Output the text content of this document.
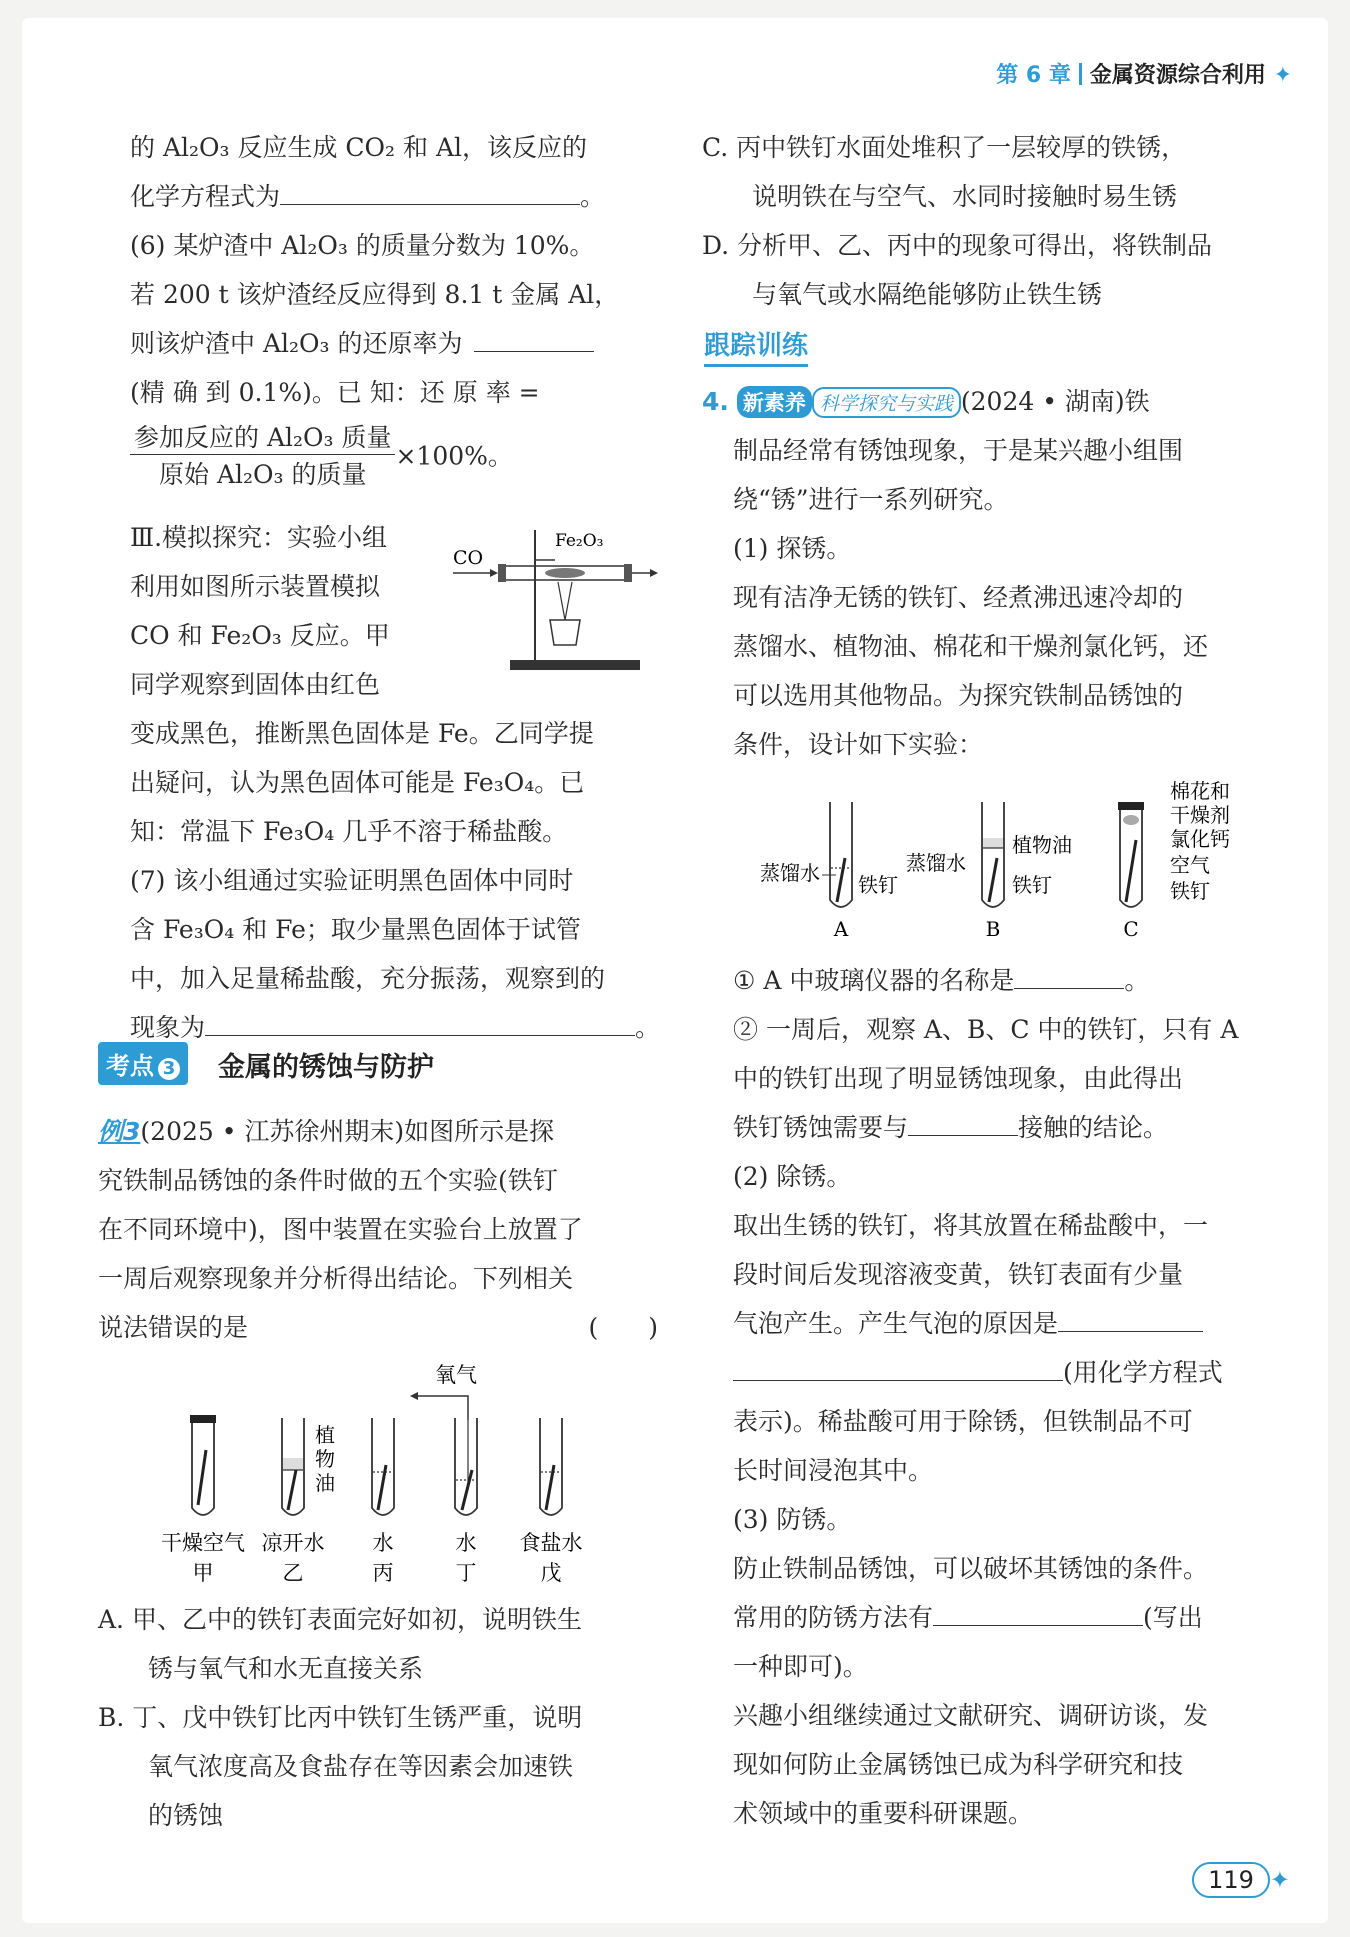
第 6 章 金属资源综合利用 ✦
的 Al₂O₃ 反应生成 CO₂ 和 Al，该反应的
化学方程式为	。
(6) 某炉渣中 Al₂O₃ 的质量分数为 10%。
若 200 t 该炉渣经反应得到 8.1 t 金属 Al，
则该炉渣中 Al₂O₃ 的还原率为
(精 确 到 0.1%)。已 知：还 原 率 =
参加反应的 Al₂O₃ 质量
原始 Al₂O₃ 的质量
×100%。
Ⅲ.模拟探究：实验小组
利用如图所示装置模拟
CO 和 Fe₂O₃ 反应。甲
同学观察到固体由红色
CO
Fe₂O₃
变成黑色，推断黑色固体是 Fe。乙同学提
出疑问，认为黑色固体可能是 Fe₃O₄。已
知：常温下 Fe₃O₄ 几乎不溶于稀盐酸。
(7) 该小组通过实验证明黑色固体中同时
含 Fe₃O₄ 和 Fe；取少量黑色固体于试管
中，加入足量稀盐酸，充分振荡，观察到的
现象为	。
考点 3	金属的锈蚀与防护
例3(2025 • 江苏徐州期末)如图所示是探
究铁制品锈蚀的条件时做的五个实验(铁钉
在不同环境中)，图中装置在实验台上放置了
一周后观察现象并分析得出结论。下列相关
说法错误的是	(　　)
氧气
植
物
油
干燥空气
甲
凉开水
乙
水
丙
水
丁
食盐水
戊
A. 甲、乙中的铁钉表面完好如初，说明铁生
锈与氧气和水无直接关系
B. 丁、戊中铁钉比丙中铁钉生锈严重，说明
氧气浓度高及食盐存在等因素会加速铁
的锈蚀
C. 丙中铁钉水面处堆积了一层较厚的铁锈，
说明铁在与空气、水同时接触时易生锈
D. 分析甲、乙、丙中的现象可得出，将铁制品
与氧气或水隔绝能够防止铁生锈
跟踪训练
4. 新素养 科学探究与实践 (2024 • 湖南)铁
制品经常有锈蚀现象，于是某兴趣小组围
绕“锈”进行一系列研究。
(1) 探锈。
现有洁净无锈的铁钉、经煮沸迅速冷却的
蒸馏水、植物油、棉花和干燥剂氯化钙，还
可以选用其他物品。为探究铁制品锈蚀的
条件，设计如下实验：
蒸馏水 铁钉
A
蒸馏水
植物油
铁钉
B
棉花和
干燥剂
氯化钙
空气
铁钉
C
① A 中玻璃仪器的名称是	。
② 一周后，观察 A、B、C 中的铁钉，只有 A
中的铁钉出现了明显锈蚀现象，由此得出
铁钉锈蚀需要与	接触的结论。
(2) 除锈。
取出生锈的铁钉，将其放置在稀盐酸中，一
段时间后发现溶液变黄，铁钉表面有少量
气泡产生。产生气泡的原因是
(用化学方程式
表示)。稀盐酸可用于除锈，但铁制品不可
长时间浸泡其中。
(3) 防锈。
防止铁制品锈蚀，可以破坏其锈蚀的条件。
常用的防锈方法有	(写出
一种即可)。
兴趣小组继续通过文献研究、调研访谈，发
现如何防止金属锈蚀已成为科学研究和技
术领域中的重要科研课题。
119 ✦
